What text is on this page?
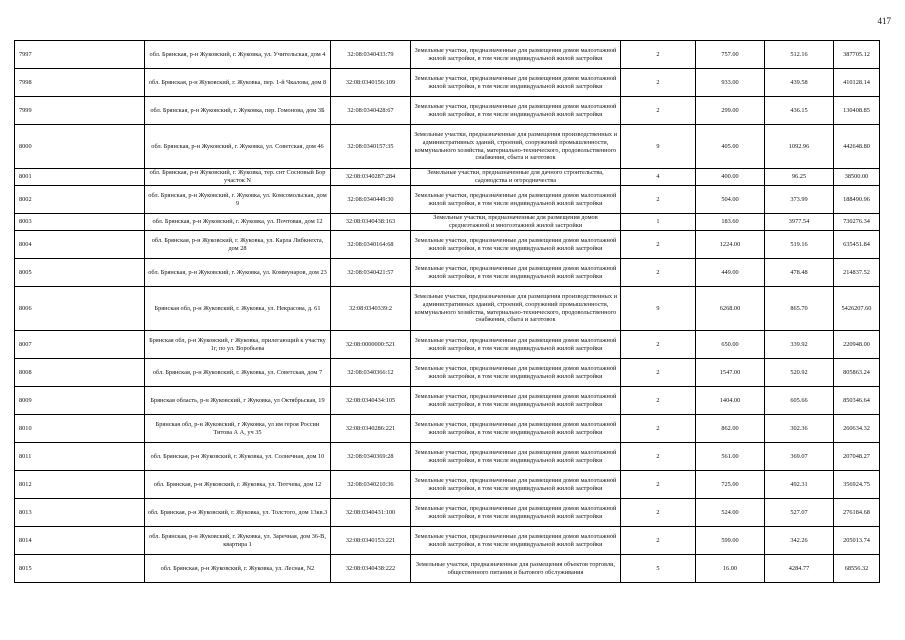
417
7997	обл. Брянская, р-н Жуковский, г. Жуковка, ул. Учительская, дом 4	32:08:0340433:79	Земельные участки, предназначенные для размещения домов малоэтажной жилой застройки, в том числе индивидуальной жилой застройки	2	757.00	512.16	387705.12
7998	обл. Брянская, р-н Жуковский, г. Жуковка, пер. 1-й Чкалова, дом 8	32:08:0340156:109	Земельные участки, предназначенные для размещения домов малоэтажной жилой застройки, в том числе индивидуальной жилой застройки	2	933.00	439.58	410128.14
7999	обл. Брянская, р-н Жуковский, г. Жуковка, пер. Гомонова, дом 3Б	32:08:0340428:67	Земельные участки, предназначенные для размещения домов малоэтажной жилой застройки, в том числе индивидуальной жилой застройки	2	299.00	436.15	130408.85
8000	обл. Брянская, р-н Жуковский, г. Жуковка, ул. Советская, дом 46	32:08:0340157:35	Земельные участки, предназначенные для размещения производственных и административных зданий, строений, сооружений промышленности, коммунального хозяйства, материально-технического, продовольственного снабжения, сбыта и заготовок	9	405.00	1092.96	442648.80
8001	обл. Брянская, р-н Жуковский, г. Жуковка, тер. снт Сосновый Бор участок N	32:08:0340287:284	Земельные участки, предназначенные для дачного строительства, садоводства и огородничества	4	400.00	96.25	38500.00
8002	обл. Брянская, р-н Жуковский, г. Жуковка, ул. Комсомольская, дом 9	32:08:0340449:30	Земельные участки, предназначенные для размещения домов малоэтажной жилой застройки, в том числе индивидуальной жилой застройки	2	504.00	373.99	188490.96
8003	обл. Брянская, р-н Жуковский, г. Жуковка, ул. Почтовая, дом 12	32:08:0340438:163	Земельные участки, предназначенные для размещения домов среднеэтажной и многоэтажной жилой застройки	1	183.60	3977.54	730276.34
8004	обл. Брянская, р-н Жуковский, г. Жуковка, ул. Карла Либкнехта, дом 28	32:08:0340164:68	Земельные участки, предназначенные для размещения домов малоэтажной жилой застройки, в том числе индивидуальной жилой застройки	2	1224.00	519.16	635451.84
8005	обл. Брянская, р-н Жуковский, г. Жуковка, ул. Коммунаров, дом 23	32:08:0340421:57	Земельные участки, предназначенные для размещения домов малоэтажной жилой застройки, в том числе индивидуальной жилой застройки	2	449.00	478.48	214837.52
8006	Брянская обл, р-н Жуковский, г. Жуковка, ул. Некрасова, д. 61	32:08:0340339:2	Земельные участки, предназначенные для размещения производственных и административных зданий, строений, сооружений промышленности, коммунального хозяйства, материально-технического, продовольственного снабжения, сбыта и заготовок	9	6268.00	865.70	5426207.60
8007	Брянская обл, р-н Жуковский, г Жуковка, прилегающий к участку 1г, по ул. Воробьева	32:08:0000000:521	Земельные участки, предназначенные для размещения домов малоэтажной жилой застройки, в том числе индивидуальной жилой застройки	2	650.00	339.92	220948.00
8008	обл. Брянская, р-н Жуковский, г. Жуковка, ул. Советская, дом 7	32:08:0340366:12	Земельные участки, предназначенные для размещения домов малоэтажной жилой застройки, в том числе индивидуальной жилой застройки	2	1547.00	520.92	805863.24
8009	Брянская область, р-н Жуковский, г Жуковка, ул Октябрьская, 19	32:08:0340434:105	Земельные участки, предназначенные для размещения домов малоэтажной жилой застройки, в том числе индивидуальной жилой застройки	2	1404.00	605.66	850346.64
8010	Брянская обл, р-н Жуковский, г Жуковка, ул им героя России Титова А А, уч 35	32:08:0340286:221	Земельные участки, предназначенные для размещения домов малоэтажной жилой застройки, в том числе индивидуальной жилой застройки	2	862.00	302.36	260634.32
8011	обл. Брянская, р-н Жуковский, г. Жуковка, ул. Солнечная, дом 10	32:08:0340369:28	Земельные участки, предназначенные для размещения домов малоэтажной жилой застройки, в том числе индивидуальной жилой застройки	2	561.00	369.07	207048.27
8012	обл. Брянская, р-н Жуковский, г. Жуковка, ул. Тютчева, дом 12	32:08:0340210:36	Земельные участки, предназначенные для размещения домов малоэтажной жилой застройки, в том числе индивидуальной жилой застройки	2	725.00	492.31	356924.75
8013	обл. Брянская, р-н Жуковский, г. Жуковка, ул. Толстого, дом 13кв.3	32:08:0340431:100	Земельные участки, предназначенные для размещения домов малоэтажной жилой застройки, в том числе индивидуальной жилой застройки	2	524.00	527.07	276184.68
8014	обл. Брянская, р-н Жуковский, г. Жуковка, ул. Заречная, дом 36-В, квартира 1	32:08:0340153:221	Земельные участки, предназначенные для размещения домов малоэтажной жилой застройки, в том числе индивидуальной жилой застройки	2	599.00	342.26	205013.74
8015	обл. Брянская, р-н Жуковский, г. Жуковка, ул. Лесная, N2	32:08:0340438:222	Земельные участки, предназначенные для размещения объектов торговли, общественного питания и бытового обслуживания	5	16.00	4284.77	68556.32
